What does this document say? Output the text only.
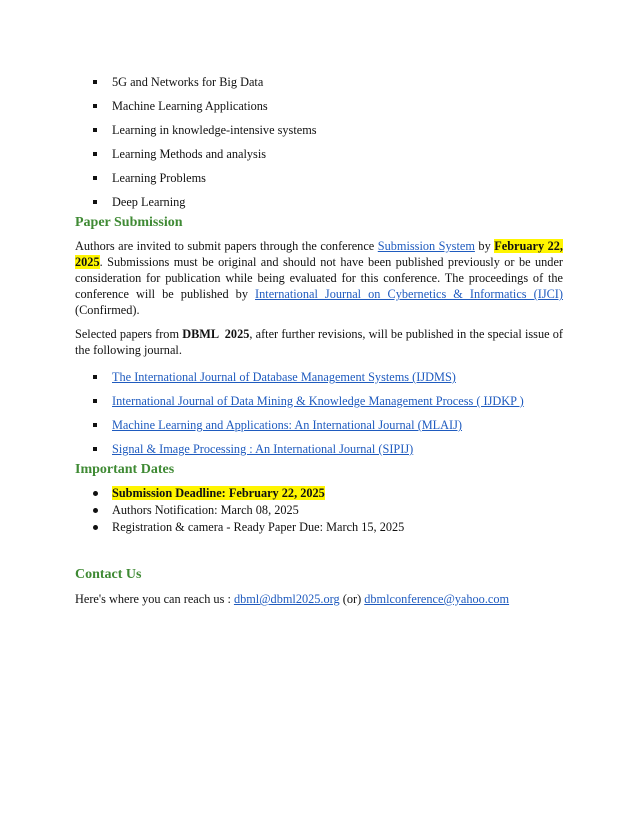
5G and Networks for Big Data
Machine Learning Applications
Learning in knowledge-intensive systems
Learning Methods and analysis
Learning Problems
Deep Learning
Paper Submission

Authors are invited to submit papers through the conference Submission System by February 22, 2025. Submissions must be original and should not have been published previously or be under consideration for publication while being evaluated for this conference. The proceedings of the conference will be published by International Journal on Cybernetics & Informatics (IJCI) (Confirmed).

Selected papers from DBML  2025, after further revisions, will be published in the special issue of the following journal.

The International Journal of Database Management Systems (IJDMS)
International Journal of Data Mining & Knowledge Management Process ( IJDKP )
Machine Learning and Applications: An International Journal (MLAIJ)
Signal & Image Processing : An International Journal (SIPIJ)
Important Dates
Submission Deadline: February 22, 2025
Authors Notification: March 08, 2025
Registration & camera - Ready Paper Due: March 15, 2025
Contact Us

Here's where you can reach us : dbml@dbml2025.org (or) dbmlconference@yahoo.com
